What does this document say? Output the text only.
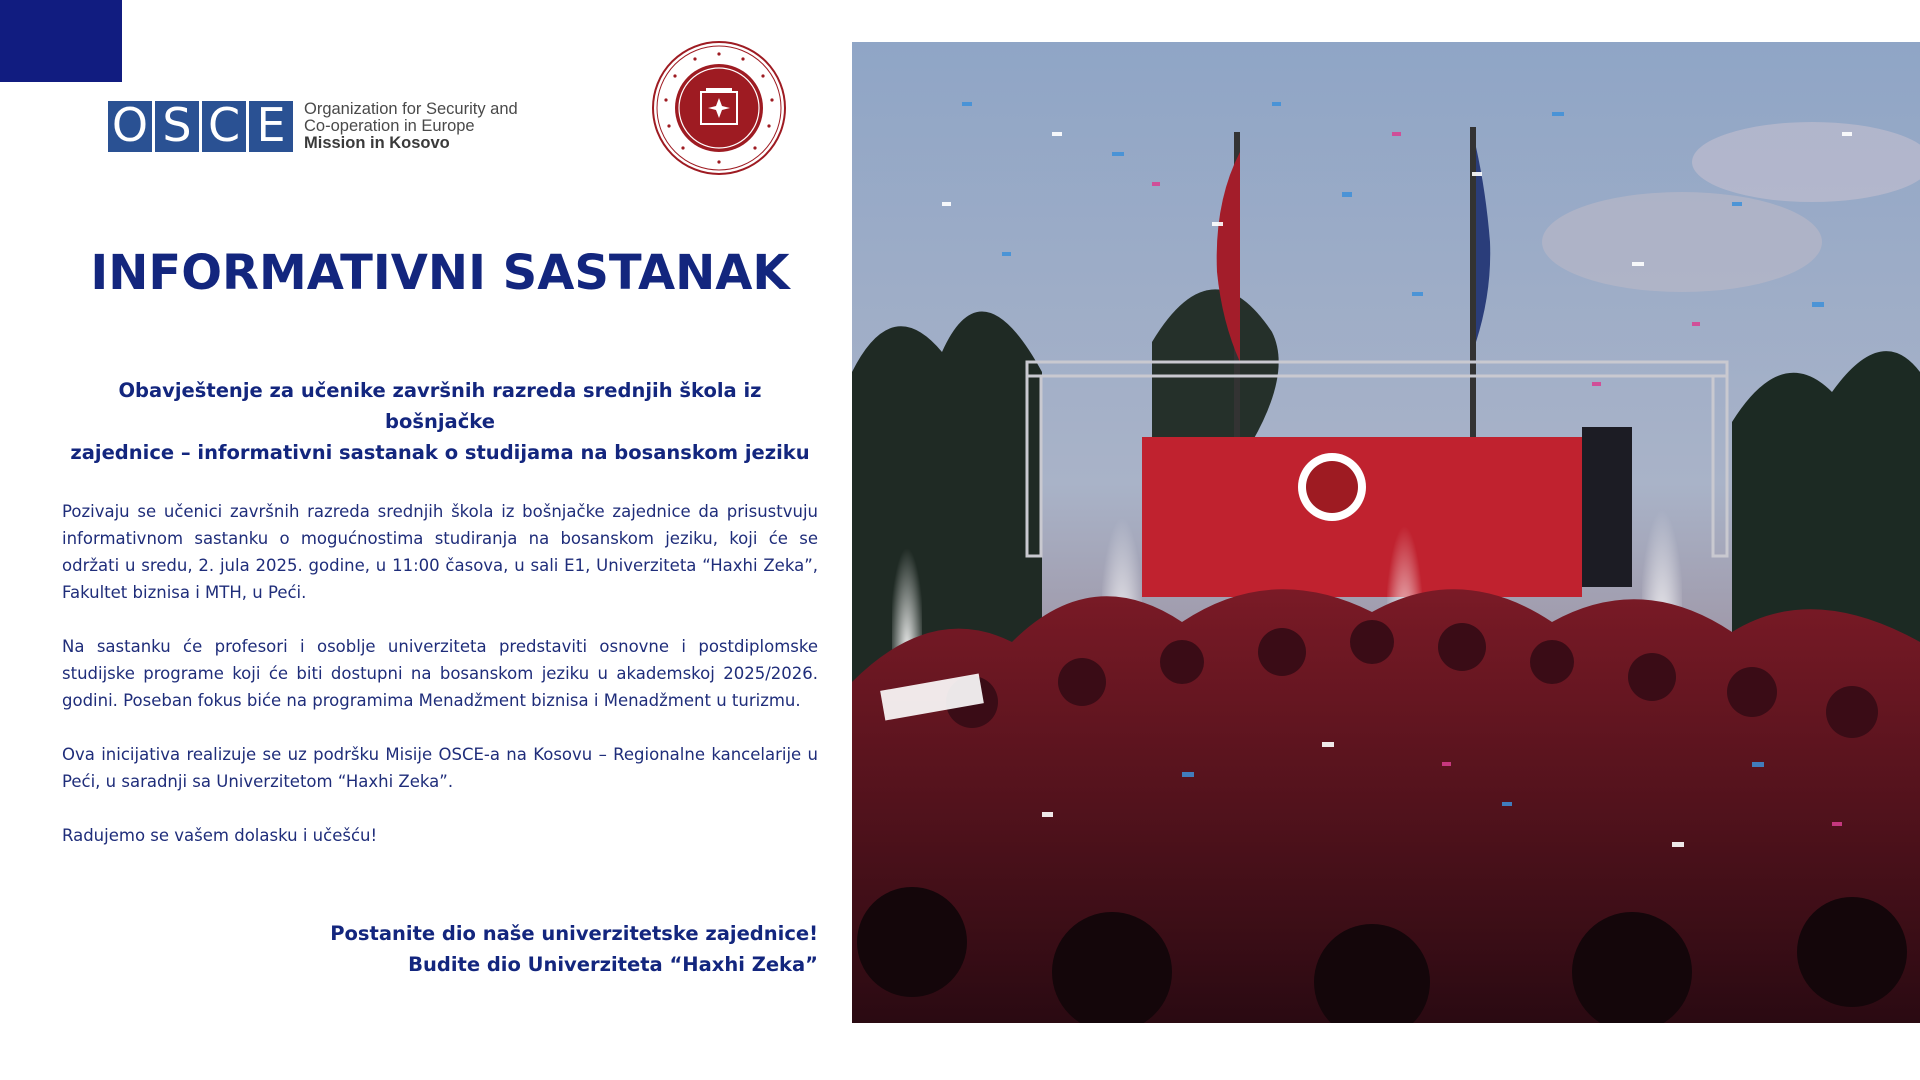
O S C E	Organization for Security and
Co-operation in Europe
Mission in Kosovo
INFORMATIVNI SASTANAK
Obavještenje za učenike završnih razreda srednjih škola iz bošnjačke
zajednice – informativni sastanak o studijama na bosanskom jeziku

Pozivaju se učenici završnih razreda srednjih škola iz bošnjačke zajednice da prisustvuju informativnom sastanku o mogućnostima studiranja na bosanskom jeziku, koji će se održati u sredu, 2. jula 2025. godine, u 11:00 časova, u sali E1, Univerziteta “Haxhi Zeka”, Fakultet biznisa i MTH, u Peći.

Na sastanku će profesori i osoblje univerziteta predstaviti osnovne i postdiplomske studijske programe koji će biti dostupni na bosanskom jeziku u akademskoj 2025/2026. godini. Poseban fokus biće na programima Menadžment biznisa i Menadžment u turizmu.

Ova inicijativa realizuje se uz podršku Misije OSCE-a na Kosovu – Regionalne kancelarije u Peći, u saradnji sa Univerzitetom “Haxhi Zeka”.

Radujemo se vašem dolasku i učešću!

Postanite dio naše univerzitetske zajednice!
Budite dio Univerziteta “Haxhi Zeka”
